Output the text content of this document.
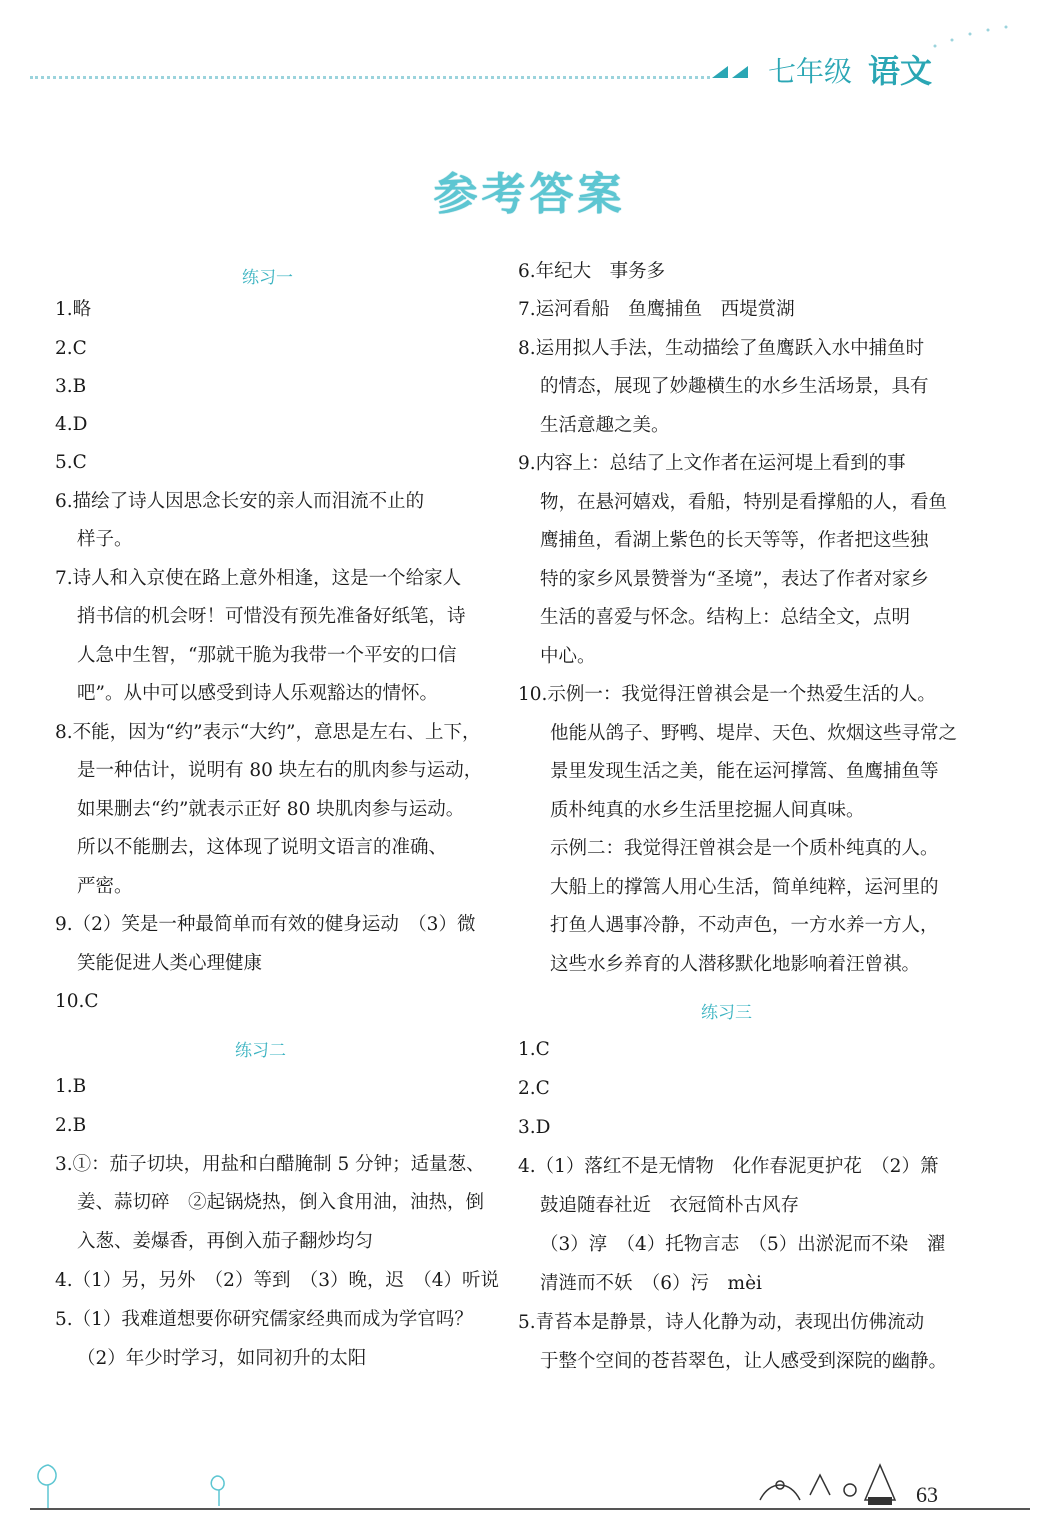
七年级 语文
参考答案
练习一
1.略
2.C
3.B
4.D
5.C
6.描绘了诗人因思念长安的亲人而泪流不止的
样子。
7.诗人和入京使在路上意外相逢，这是一个给家人
捎书信的机会呀！可惜没有预先准备好纸笔，诗
人急中生智，“那就干脆为我带一个平安的口信
吧”。从中可以感受到诗人乐观豁达的情怀。
8.不能，因为“约”表示“大约”，意思是左右、上下，
是一种估计，说明有 80 块左右的肌肉参与运动，
如果删去“约”就表示正好 80 块肌肉参与运动。
所以不能删去，这体现了说明文语言的准确、
严密。
9.（2）笑是一种最简单而有效的健身运动　（3）微
笑能促进人类心理健康
10.C
练习二
1.B
2.B
3.①：茄子切块，用盐和白醋腌制 5 分钟；适量葱、
姜、蒜切碎　②起锅烧热，倒入食用油，油热，倒
入葱、姜爆香，再倒入茄子翻炒均匀
4.（1）另，另外　（2）等到　（3）晚，迟　（4）听说
5.（1）我难道想要你研究儒家经典而成为学官吗？
（2）年少时学习，如同初升的太阳
6.年纪大　事务多
7.运河看船　鱼鹰捕鱼　西堤赏湖
8.运用拟人手法，生动描绘了鱼鹰跃入水中捕鱼时
的情态，展现了妙趣横生的水乡生活场景，具有
生活意趣之美。
9.内容上：总结了上文作者在运河堤上看到的事
物，在悬河嬉戏，看船，特别是看撑船的人，看鱼
鹰捕鱼，看湖上紫色的长天等等，作者把这些独
特的家乡风景赞誉为“圣境”，表达了作者对家乡
生活的喜爱与怀念。结构上：总结全文，点明
中心。
10.示例一：我觉得汪曾祺会是一个热爱生活的人。
他能从鸽子、野鸭、堤岸、天色、炊烟这些寻常之
景里发现生活之美，能在运河撑篙、鱼鹰捕鱼等
质朴纯真的水乡生活里挖掘人间真味。
示例二：我觉得汪曾祺会是一个质朴纯真的人。
大船上的撑篙人用心生活，简单纯粹，运河里的
打鱼人遇事冷静，不动声色，一方水养一方人，
这些水乡养育的人潜移默化地影响着汪曾祺。
练习三
1.C
2.C
3.D
4.（1）落红不是无情物　化作春泥更护花　（2）箫
鼓追随春社近　衣冠简朴古风存
（3）淳　（4）托物言志　（5）出淤泥而不染　濯
清涟而不妖　（6）污　mèi
5.青苔本是静景，诗人化静为动，表现出仿佛流动
于整个空间的苍苔翠色，让人感受到深院的幽静。
63
